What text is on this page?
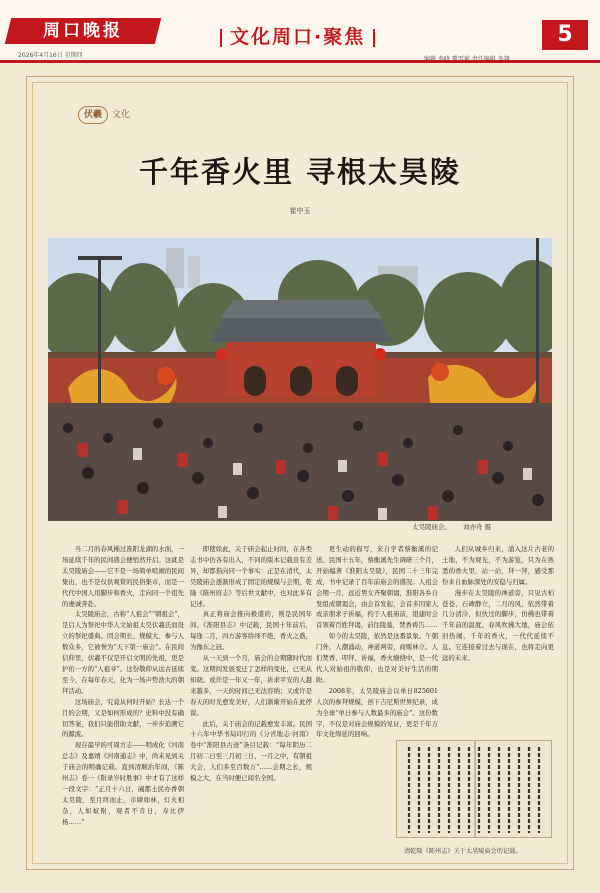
周口晚报
2026年4月16日 星期四
文化周口·聚焦	5
伏羲 文化
千年香火里 寻根太昊陵
崔中玉
太昊陵庙会。 刘亦舟 摄

当二月的春风拂过淮阳龙湖的水面，一场延续千年的民间盛会便悄然开启。这就是太昊陵庙会——它不是一场简单喧闹的民间集出，也不是仅供观赏的民俗集市，而是一代代中国人用脚步和香火，走向同一个祖先的虔诚奔赴。

太昊陵庙会，古称“人祖会”“朝祖会”，是启人为祭祀中华人文始祖太昊伏羲氏而设立的祭祀盛典。因会期长、规模大、参与人数众多，它被誉为“天下第一庙会”。在民间信仰里，伏羲不仅是开启文明的先祖，更是护佑一方的“人祖爷”。这份敬仰从远古延续至今，在每年春天，化为一场声势浩大的朝拜活动。

这场庙会，究竟从何时开始？长达一个月的会期，又是如何形成的？史料中没有确切答案，我们只能借助文献，一步步追溯它的源流。

现存最早的可周方志——明成化《河南总志》及嘉靖《河南通志》中，尚未见到关于庙会的明确记载。直到清顺治年间，《陈州志》卷一《附录岁时胜事》中才有了这样一段文字：“正月十六日，阖郡士民办香朝太昊陵，至月终而止，市肆如林，灯火相杂，人如蚁附，观者不肯日，寿比伊杨……”

即使如此，关于庙会起止时间，在各类志书中仍各有出入，不同的版本记载虽有差异，却都指向同一个事实：正是在清代，太昊陵庙会逐渐形成了固定的规模与会期，乾隆《陈州府志》等后世文献中，也对此多有记述。

真正将庙会推向极盛的，则是民国年间。《淮阳县志》中记载，民国十年前后，每逢二月，四方游客络绎不绝，香火之盛，为豫东之冠。

从一天到一个月，庙会的会期随时代而变。这期间发展变迁了怎样的变化，已无从知晓。或许是一年又一年，祈求平安的人越来越多，一天的时间已无法容纳；又或许是春天的时光愈发美好，人们渐渐开始在此停留。

此后，关于庙会的记载愈发丰富。民国十六年中华书局印行的《分省地志·河南》卷中“淮阳县古迹”条目记载：“每年阴历二月初二日至三月初三日，一月之中，有朝祖大会，人们多至百数万”……会期之长，规模之大，在当时便已闻名全国。

更生动的描写，来自学者蔡衡溪的记述。民国十五年，蔡衡溪先生调研三个月，开始编著《淮阳太昊陵》，民国二十三年完成，书中记录了百年前庙会的盛况。人祖会会期一月，远近男女齐聚朝谒，淮阳各乡自发组成朝谒会，由会首发起，会首多因家人或亲朋求子祈福，约于人祖庙前，组建时会首领着百姓拜谒，前往陵墓，焚香祷告……

如今的太昊陵，依然是这番景象。午朝门外，人潮涌动，神道两旁，商贩林立。人们焚香、叩拜、祈福，香火缭绕中，是一代代人对始祖的敬仰，也是对美好生活的期盼。

2008年，太昊陵庙会以单日825601人次的参拜规模，创下吉尼斯世界纪录，成为全球“单日参与人数最多的庙会”。这份数字，不仅是对庙会规模的见证，更是千年万年文化绵延的回响。

人们从城乡归来，涌入这片古老的土地，不为观光，不为游览，只为在熟悉的香火里，站一站，拜一拜，感受那份来自血脉深处的安稳与归属。

漫步在太昊陵的神道旁，只见古柏苍苍，石碑静立，二月的风，依然带着几分清冷，但伙过的脚步，仿佛也带着千年前的温度。春风吹拂大地，庙会依旧热闹，千年的香火，一代代延续不息。它连接着过去与现在，也将走向更远的未来。

清乾隆《陈州志》关于太昊陵庙会的记载。
